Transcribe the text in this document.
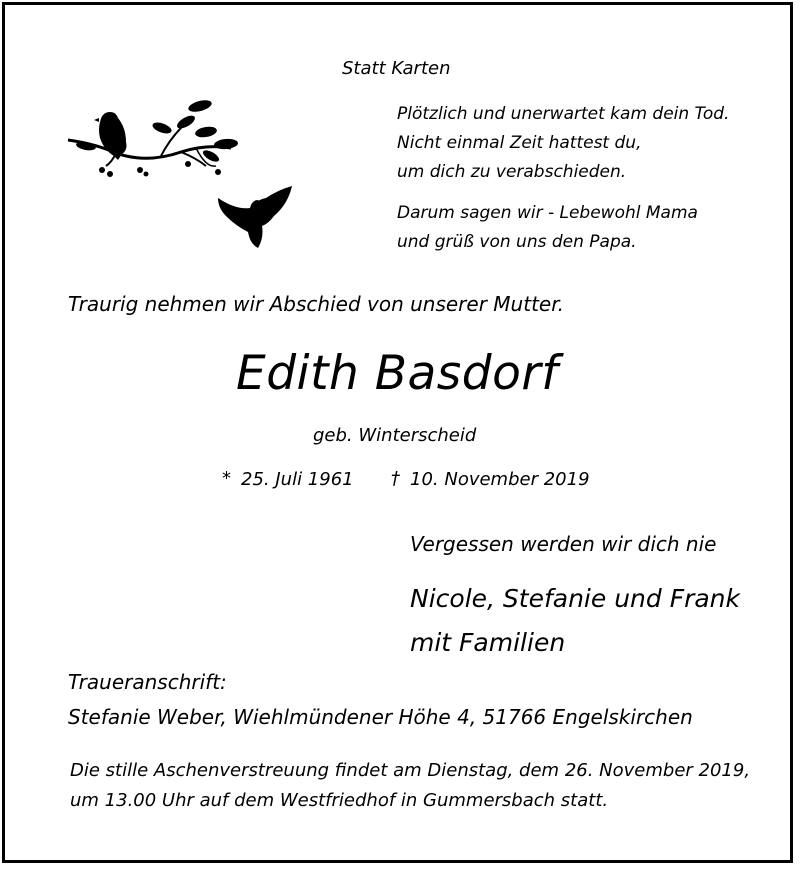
Statt Karten
Plötzlich und unerwartet kam dein Tod.
Nicht einmal Zeit hattest du,
um dich zu verabschieden.
Darum sagen wir - Lebewohl Mama
und grüß von uns den Papa.
Traurig nehmen wir Abschied von unserer Mutter.
Edith Basdorf
geb. Winterscheid
* 25. Juli 1961 † 10. November 2019
Vergessen werden wir dich nie
Nicole, Stefanie und Frank
mit Familien
Traueranschrift:
Stefanie Weber, Wiehlmündener Höhe 4, 51766 Engelskirchen
Die stille Aschenverstreuung findet am Dienstag, dem 26. November 2019,
um 13.00 Uhr auf dem Westfriedhof in Gummersbach statt.
